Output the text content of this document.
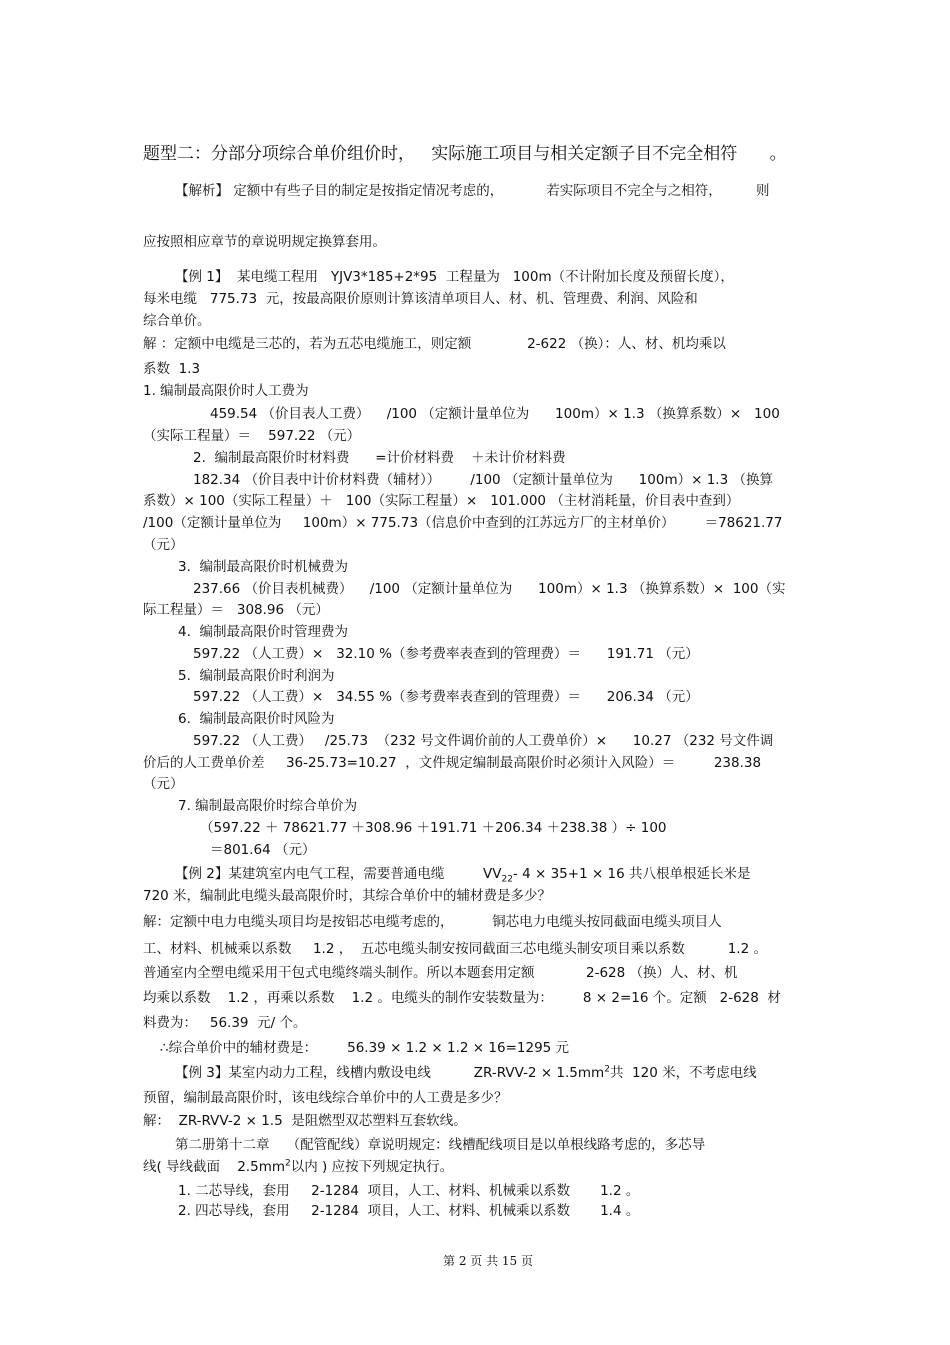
题型二：分部分项综合单价组价时，   实际施工项目与相关定额子目不完全相符      。
【解析】 定额中有些子目的制定是按指定情况考虑的，          若实际项目不完全与之相符，        则
应按照相应章节的章说明规定换算套用。
【例 1】  某电缆工程用   YJV3*185+2*95  工程量为   100m（不计附加长度及预留长度），
每米电缆   775.73  元，按最高限价原则计算该清单项目人、材、机、管理费、利润、风险和
综合单价。
解 ：定额中电缆是三芯的，若为五芯电缆施工，则定额             2-622 （换）：人、材、机均乘以
系数  1.3
1. 编制最高限价时人工费为
459.54 （价目表人工费）    /100 （定额计量单位为      100m）× 1.3 （换算系数）×   100
（实际工程量）＝    597.22 （元）
2.  编制最高限价时材料费      =计价材料费    ＋未计价材料费
182.34 （价目表中计价材料费（辅材））       /100 （定额计量单位为      100m）× 1.3 （换算
系数）× 100（实际工程量）＋   100（实际工程量）×   101.000 （主材消耗量，价目表中查到）
/100（定额计量单位为     100m）× 775.73（信息价中查到的江苏远方厂的主材单价）       ＝78621.77
（元）
3.  编制最高限价时机械费为
237.66 （价目表机械费）    /100 （定额计量单位为      100m）× 1.3 （换算系数）×  100（实
际工程量）＝   308.96 （元）
4.  编制最高限价时管理费为
597.22 （人工费）×   32.10 %（参考费率表查到的管理费）＝      191.71 （元）
5.  编制最高限价时利润为
597.22 （人工费）×   34.55 %（参考费率表查到的管理费）＝      206.34 （元）
6.  编制最高限价时风险为
597.22 （人工费）   /25.73  （232 号文件调价前的人工费单价）×      10.27 （232 号文件调
价后的人工费单价差     36-25.73=10.27  ，文件规定编制最高限价时必须计入风险）＝         238.38
（元）
7. 编制最高限价时综合单价为
（597.22 ＋ 78621.77 ＋308.96 ＋191.71 ＋206.34 ＋238.38 ）÷ 100
＝801.64 （元）
【例 2】某建筑室内电气工程，需要普通电缆         $VV_{22}-$ 4 × 35+1 × 16 共八根单根延长米是
720 米，编制此电缆头最高限价时，其综合单价中的辅材费是多少？
解：定额中电力电缆头项目均是按铝芯电缆考虑的，         铜芯电力电缆头按同截面电缆头项目人
工、材料、机械乘以系数     1.2 ，  五芯电缆头制安按同截面三芯电缆头制安项目乘以系数          1.2 。
普通室内全塑电缆采用干包式电缆终端头制作。所以本题套用定额            2-628 （换）人、材、机
均乘以系数    1.2 ，再乘以系数    1.2 。电缆头的制作安装数量为：       8 × 2=16 个。定额   2-628  材
料费为：   56.39  元/ 个。
∴综合单价中的辅材费是：       56.39 × 1.2 × 1.2 × 16=1295 元
【例 3】某室内动力工程，线槽内敷设电线          $ZR-RVV-2 \times 1.5mm^2$共  120 米，不考虑电线
预留，编制最高限价时，该电线综合单价中的人工费是多少？
解：  ZR-RVV-2 × 1.5  是阻燃型双芯塑料互套软线。
第二册第十二章    （配管配线）章说明规定：线槽配线项目是以单根线路考虑的，多芯导
线( 导线截面    $2.5mm^2$以内 ) 应按下列规定执行。
1. 二芯导线，套用     2-1284  项目，人工、材料、机械乘以系数       1.2 。
2. 四芯导线，套用     2-1284  项目，人工、材料、机械乘以系数       1.4 。
第 2 页 共 15 页
